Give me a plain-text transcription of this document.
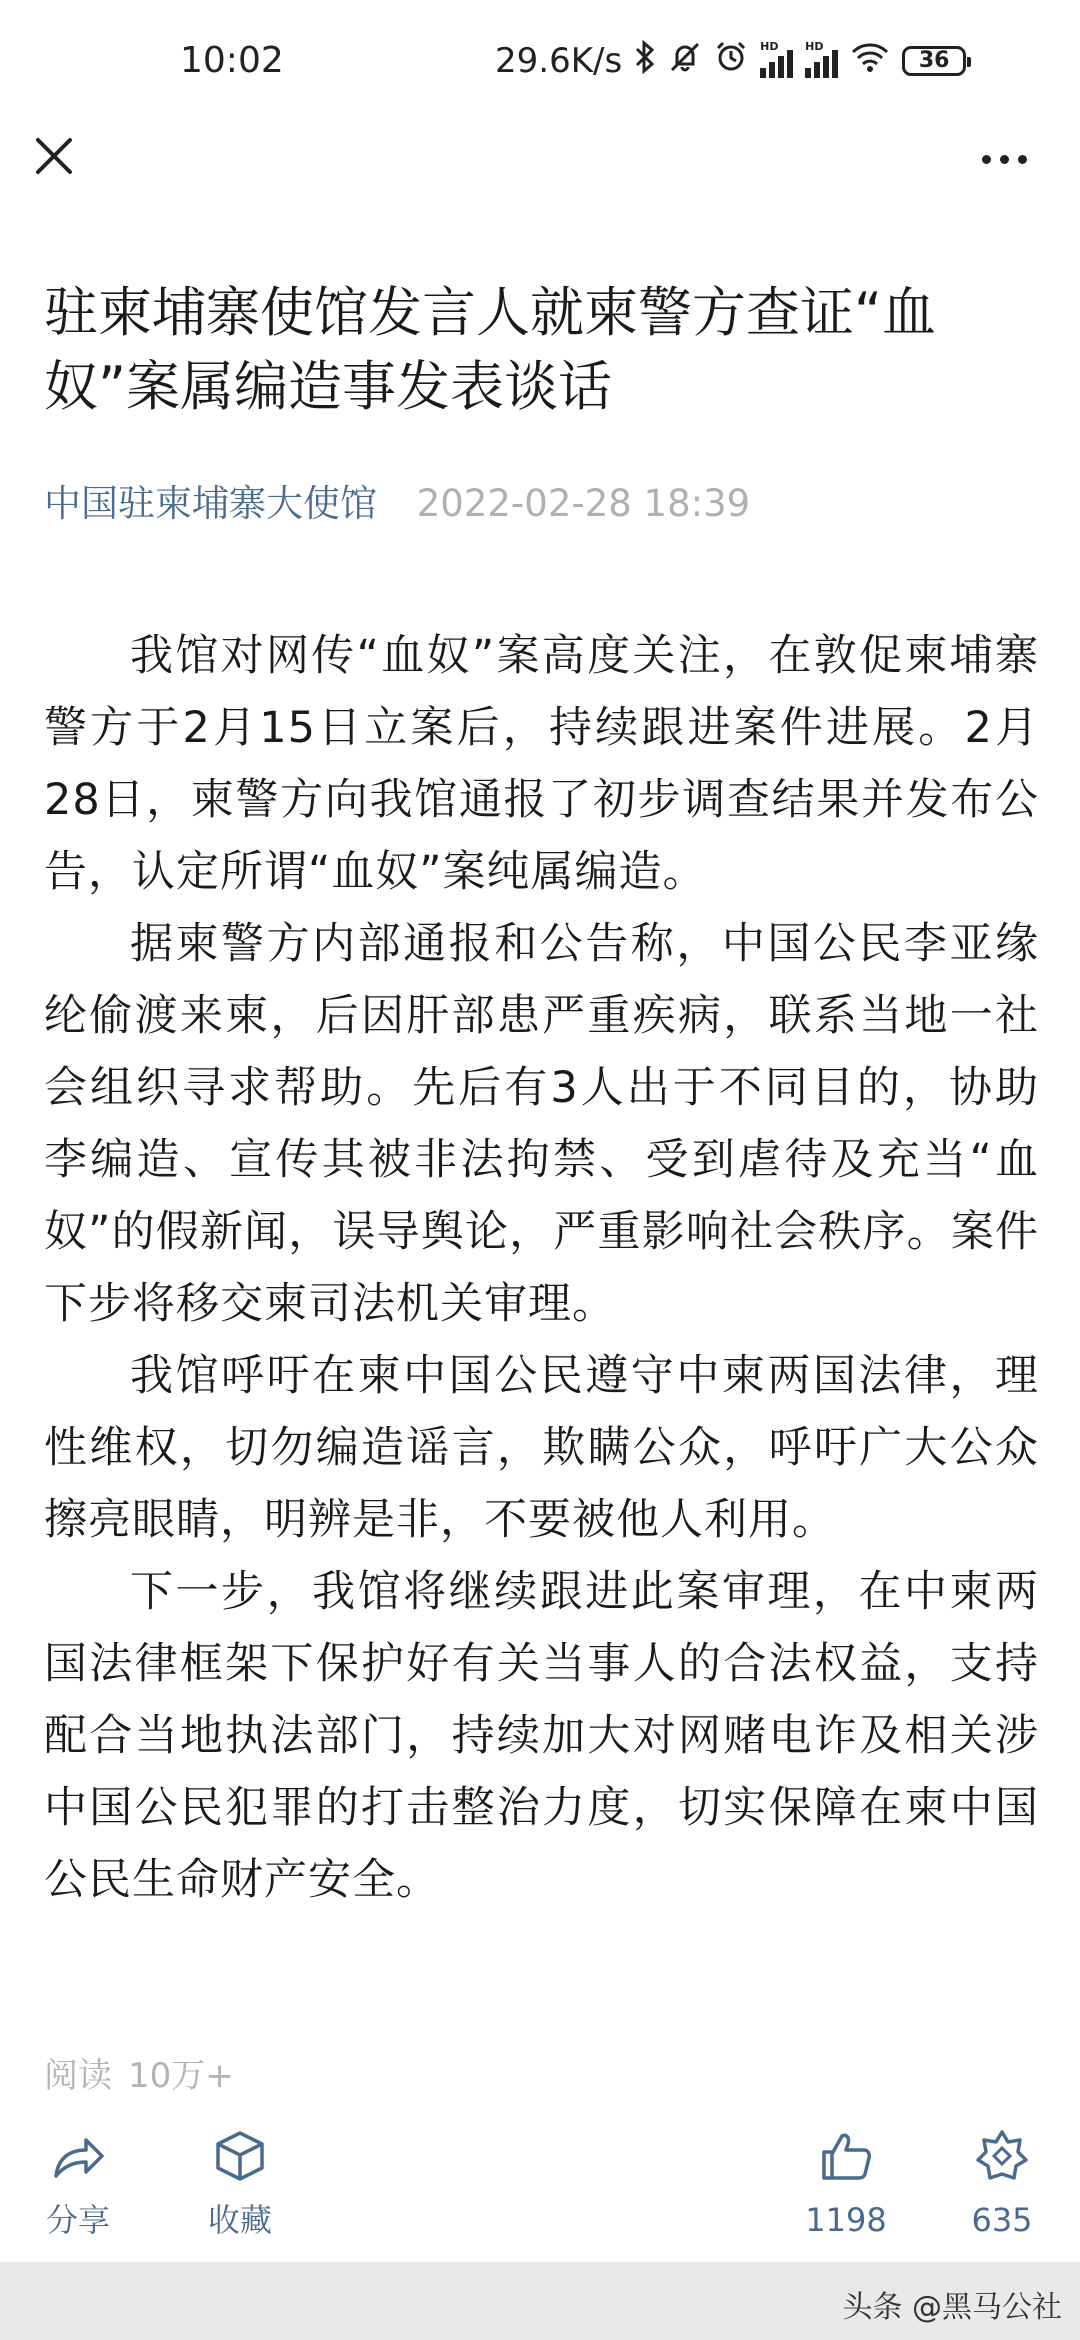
10:02	29.6K/s	HD HD
36
驻柬埔寨使馆发言人就柬警方查证“血奴”案属编造事发表谈话
中国驻柬埔寨大使馆 2022-02-28 18:39

我馆对网传“血奴”案高度关注，在敦促柬埔寨警方于2月15日立案后，持续跟进案件进展。2月28日，柬警方向我馆通报了初步调查结果并发布公告，认定所谓“血奴”案纯属编造。

据柬警方内部通报和公告称，中国公民李亚缘纶偷渡来柬，后因肝部患严重疾病，联系当地一社会组织寻求帮助。先后有3人出于不同目的，协助李编造、宣传其被非法拘禁、受到虐待及充当“血奴”的假新闻，误导舆论，严重影响社会秩序。案件下步将移交柬司法机关审理。

我馆呼吁在柬中国公民遵守中柬两国法律，理性维权，切勿编造谣言，欺瞒公众，呼吁广大公众擦亮眼睛，明辨是非，不要被他人利用。

下一步，我馆将继续跟进此案审理，在中柬两国法律框架下保护好有关当事人的合法权益，支持配合当地执法部门，持续加大对网赌电诈及相关涉中国公民犯罪的打击整治力度，切实保障在柬中国公民生命财产安全。

阅读 10万+
分享	收藏	1198	635
头条 @黑马公社
